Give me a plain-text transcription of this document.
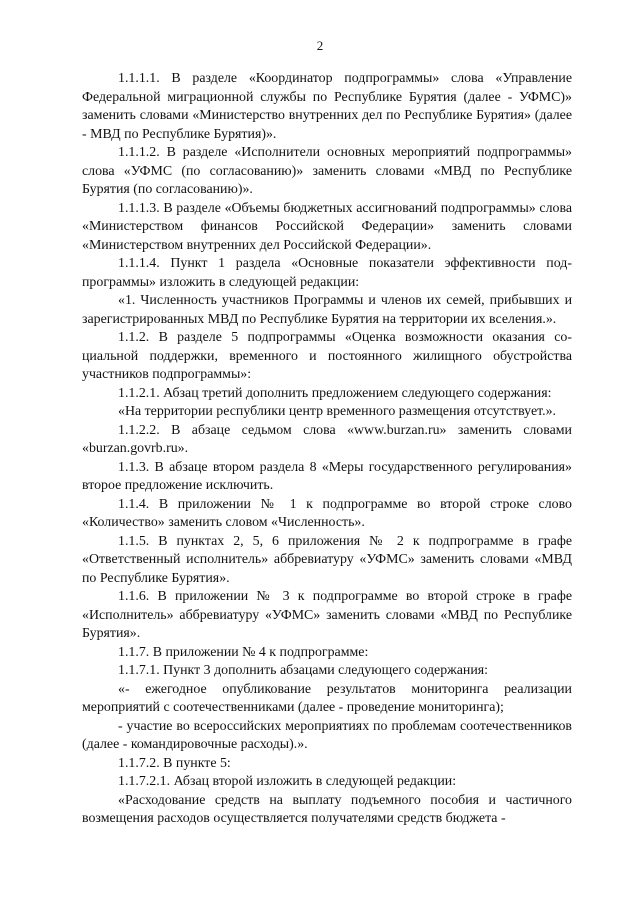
2

1.1.1.1. В разделе «Координатор подпрограммы» слова «Управление Федеральной миграционной службы по Республике Бурятия (далее - УФМС)» заменить словами «Министерство внутренних дел по Республике Бурятия» (далее - МВД по Республике Бурятия)».

1.1.1.2. В разделе «Исполнители основных мероприятий подпрограммы» слова «УФМС (по согласованию)» заменить словами «МВД по Республике Бурятия (по согласованию)».

1.1.1.3. В разделе «Объемы бюджетных ассигнований подпрограммы» слова «Министерством финансов Российской Федерации» заменить словами «Министерством внутренних дел Российской Федерации».

1.1.1.4. Пункт 1 раздела «Основные показатели эффективности подпрограммы» изложить в следующей редакции:

«1. Численность участников Программы и членов их семей, прибывших и зарегистрированных МВД по Республике Бурятия на территории их вселения.».

1.1.2. В разделе 5 подпрограммы «Оценка возможности оказания социальной поддержки, временного и постоянного жилищного обустройства участников подпрограммы»:

1.1.2.1. Абзац третий дополнить предложением следующего содержания:

«На территории республики центр временного размещения отсутствует.».

1.1.2.2. В абзаце седьмом слова «www.burzan.ru» заменить словами «burzan.govrb.ru».

1.1.3. В абзаце втором раздела 8 «Меры государственного регулирования» второе предложение исключить.

1.1.4. В приложении № 1 к подпрограмме во второй строке слово «Количество» заменить словом «Численность».

1.1.5. В пунктах 2, 5, 6 приложения № 2 к подпрограмме в графе «Ответственный исполнитель» аббревиатуру «УФМС» заменить словами «МВД по Республике Бурятия».

1.1.6. В приложении № 3 к подпрограмме во второй строке в графе «Исполнитель» аббревиатуру «УФМС» заменить словами «МВД по Республике Бурятия».

1.1.7. В приложении № 4 к подпрограмме:

1.1.7.1. Пункт 3 дополнить абзацами следующего содержания:

«- ежегодное опубликование результатов мониторинга реализации мероприятий с соотечественниками (далее - проведение мониторинга);

- участие во всероссийских мероприятиях по проблемам соотечественников (далее - командировочные расходы).».

1.1.7.2. В пункте 5:

1.1.7.2.1. Абзац второй изложить в следующей редакции:

«Расходование средств на выплату подъемного пособия и частичного возмещения расходов осуществляется получателями средств бюджета -
